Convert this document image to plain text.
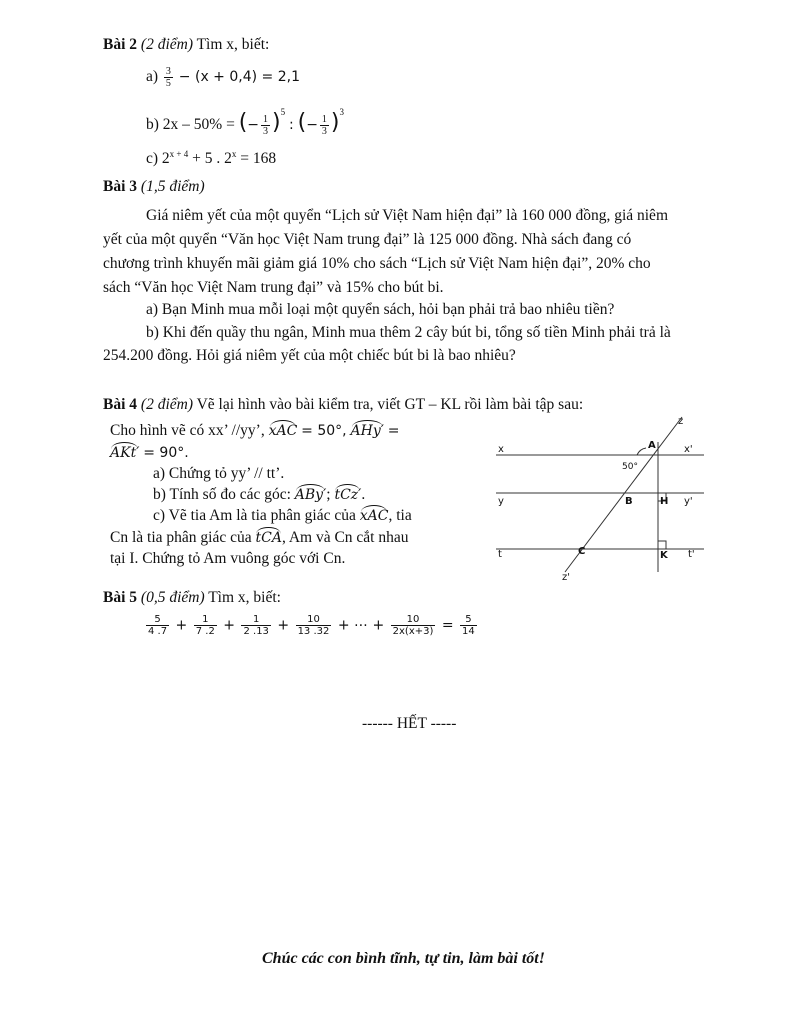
Bài 2 (2 điểm) Tìm x, biết:
$a) \frac{3}{5} - (x + 0,4) = 2,1$
b) 2x – 50% = (− $\frac{1}{3} )^5$ : (− $\frac{1}{3} )^3$
c) $2^{x + 4} + 5$ . $2^x = 168$
Bài 3 (1,5 điểm)
Giá niêm yết của một quyển “Lịch sử Việt Nam hiện đại” là 160 000 đồng, giá niêm
yết của một quyển “Văn học Việt Nam trung đại” là 125 000 đồng. Nhà sách đang có
chương trình khuyến mãi giảm giá 10% cho sách “Lịch sử Việt Nam hiện đại”, 20% cho
sách “Văn học Việt Nam trung đại” và 15% cho bút bi.
a) Bạn Minh mua mỗi loại một quyển sách, hỏi bạn phải trả bao nhiêu tiền?
b) Khi đến quầy thu ngân, Minh mua thêm 2 cây bút bi, tổng số tiền Minh phải trả là
254.200 đồng. Hỏi giá niêm yết của một chiếc bút bi là bao nhiêu?
Bài 4 (2 điểm) Vẽ lại hình vào bài kiểm tra, viết GT – KL rồi làm bài tập sau:
Cho hình vẽ có xx’ //yy’, xAC = 50°, AHy′ =
AKt′ = 90°.
a) Chứng tỏ yy’ // tt’.
b) Tính số đo các góc: ABy′; tCz′.
c) Vẽ tia Am là tia phân giác của xAC, tia
Cn là tia phân giác của tCA, Am và Cn cắt nhau
tại I. Chứng tỏ Am vuông góc với Cn.
x	x'
y	y'
t	t'
z
z'
A
B
C
H
K
50°
Bài 5 (0,5 điểm) Tìm x, biết:
$\frac{5}{4 .7} + \frac{1}{7 .2} + \frac{1}{2 .13} + \frac{10}{13 .32}$ + ⋯ + $\frac{10}{2x(x+3)} = \frac{5}{14}$
------ HẾT -----
Chúc các con bình tĩnh, tự tin, làm bài tốt!
